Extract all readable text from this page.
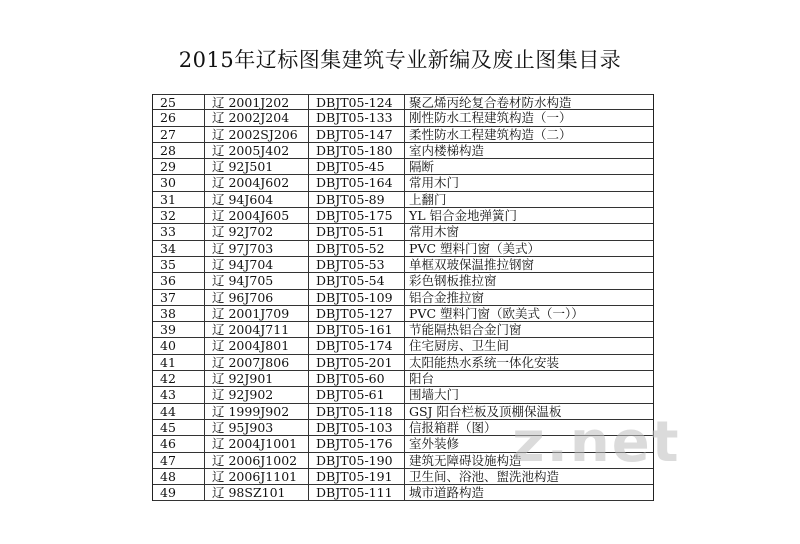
2015年辽标图集建筑专业新编及废止图集目录
25	辽 2001J202	DBJT05-124	聚乙烯丙纶复合卷材防水构造
26	辽 2002J204	DBJT05-133	刚性防水工程建筑构造（一）
27	辽 2002SJ206	DBJT05-147	柔性防水工程建筑构造（二）
28	辽 2005J402	DBJT05-180	室内楼梯构造
29	辽 92J501	DBJT05-45	隔断
30	辽 2004J602	DBJT05-164	常用木门
31	辽 94J604	DBJT05-89	上翻门
32	辽 2004J605	DBJT05-175	YL 铝合金地弹簧门
33	辽 92J702	DBJT05-51	常用木窗
34	辽 97J703	DBJT05-52	PVC 塑料门窗（美式）
35	辽 94J704	DBJT05-53	单框双玻保温推拉钢窗
36	辽 94J705	DBJT05-54	彩色钢板推拉窗
37	辽 96J706	DBJT05-109	铝合金推拉窗
38	辽 2001J709	DBJT05-127	PVC 塑料门窗（欧美式（一））
39	辽 2004J711	DBJT05-161	节能隔热铝合金门窗
40	辽 2004J801	DBJT05-174	住宅厨房、卫生间
41	辽 2007J806	DBJT05-201	太阳能热水系统一体化安装
42	辽 92J901	DBJT05-60	阳台
43	辽 92J902	DBJT05-61	围墙大门
44	辽 1999J902	DBJT05-118	GSJ 阳台栏板及顶棚保温板
45	辽 95J903	DBJT05-103	信报箱群（图）
46	辽 2004J1001	DBJT05-176	室外装修
47	辽 2006J1002	DBJT05-190	建筑无障碍设施构造
48	辽 2006J1101	DBJT05-191	卫生间、浴池、盥洗池构造
49	辽 98SZ101	DBJT05-111	城市道路构造
z.net
